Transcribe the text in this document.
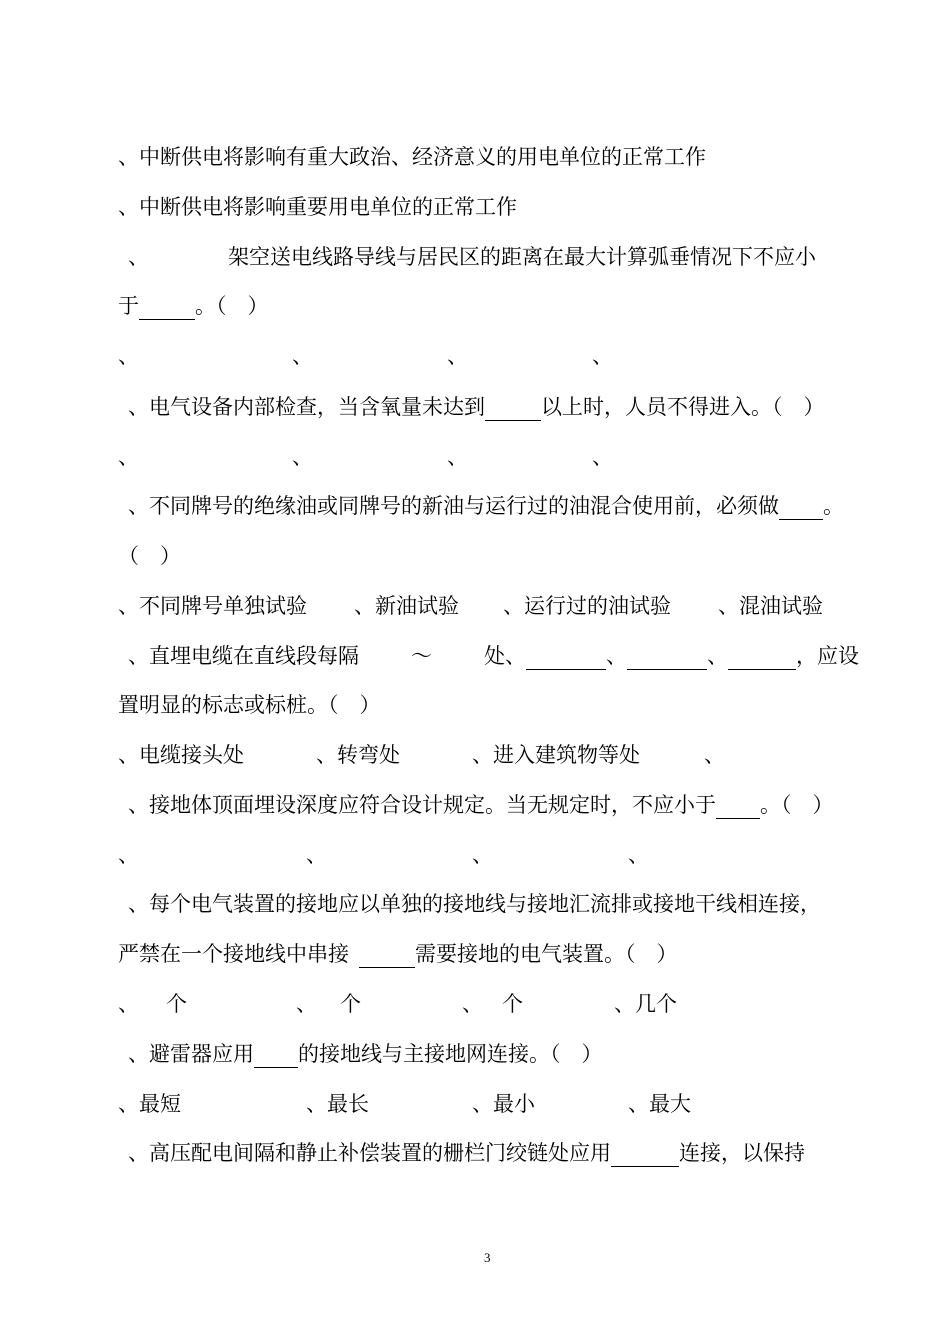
、中断供电将影响有重大政治、经济意义的用电单位的正常工作
、中断供电将影响重要用电单位的正常工作
、	架空送电线路导线与居民区的距离在最大计算弧垂情况下不应小
于	。（　）
、	、	、	、
、电气设备内部检查，当含氧量未达到	以上时，人员不得进入。（　）
、	、	、	、
、不同牌号的绝缘油或同牌号的新油与运行过的油混合使用前，必须做 。
（　）
、不同牌号单独试验 、新油试验 、运行过的油试验 、混油试验
、直埋电缆在直线段每隔 ～ 处、	、	、	，应设
置明显的标志或标桩。（　）
、电缆接头处	、转弯处	、进入建筑物等处	、
、接地体顶面埋设深度应符合设计规定。当无规定时，不应小于 。（　）
、	、	、	、
、每个电气装置的接地应以单独的接地线与接地汇流排或接地干线相连接，
严禁在一个接地线中串接	需要接地的电气装置。（　）
、 个	、 个	、 个	、几个
、避雷器应用 的接地线与主接地网连接。（　）
、最短	、最长	、最小	、最大
、高压配电间隔和静止补偿装置的栅栏门绞链处应用	连接，以保持
3
